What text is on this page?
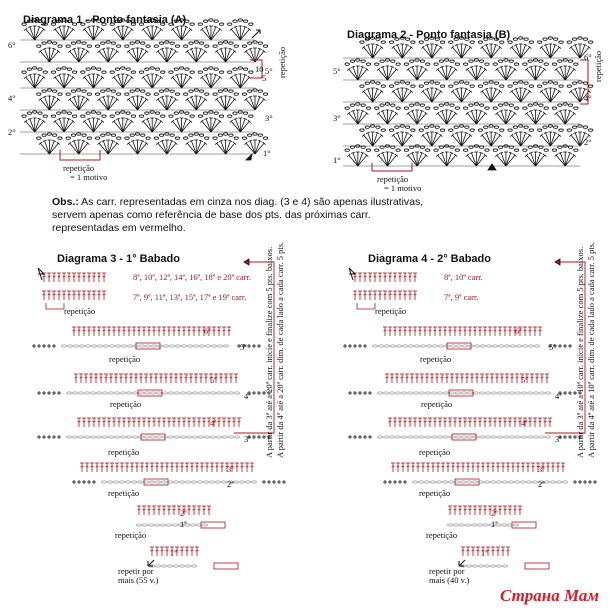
Diagrama 1 - Ponto fantasia (A)
6°
4°
2°
5°
3°
1°
10
5 repetição
repetição
= 1 motivo
Diagrama 2 - Ponto fantasia (B)
5°
3°
1°
6°
4°
2°
repetição
repetição
= 1 motivo
Obs.: As carr. representadas em cinza nos diag. (3 e 4) são apenas ilustrativas, servem apenas como referência de base dos pts. das próximas carr. representadas em vermelho.
Diagrama 3 - 1° Babado
8ª, 10ª, 12ª, 14ª, 16ª, 18ª e 20ª carr.
7ª, 9ª, 11ª, 13ª, 15ª, 17ª e 19ª carr.
repetição
6ª
5ª
repetição
5ª
4ª
repetição
4ª
3ª
repetição
3ª
2ª
repetição
2ª
1ª
repetição
1ª
repetir por
mais (55 v.)
A partir da 3ª até a 20ª carr. inicie e finalize com 5 pts. baixos. A partir da 4ª até a 20ª carr. dim. de cada lado a cada carr. 5 pts.	Diagrama 4 - 2° Babado
8ª, 10ª carr.
7ª, 9ª carr.
repetição
6ª
5ª
repetição
5ª
4ª
repetição
4ª
3ª
repetição
3ª
2ª
repetição
2ª
1ª
repetição
1ª
repetir por
mais (40 v.)
A partir da 3ª até a 10ª carr. inicie e finalize com 5 pts. baixos. A partir da 4ª até a 10ª carr. dim. de cada lado a cada carr. 5 pts.
Страна Мам
